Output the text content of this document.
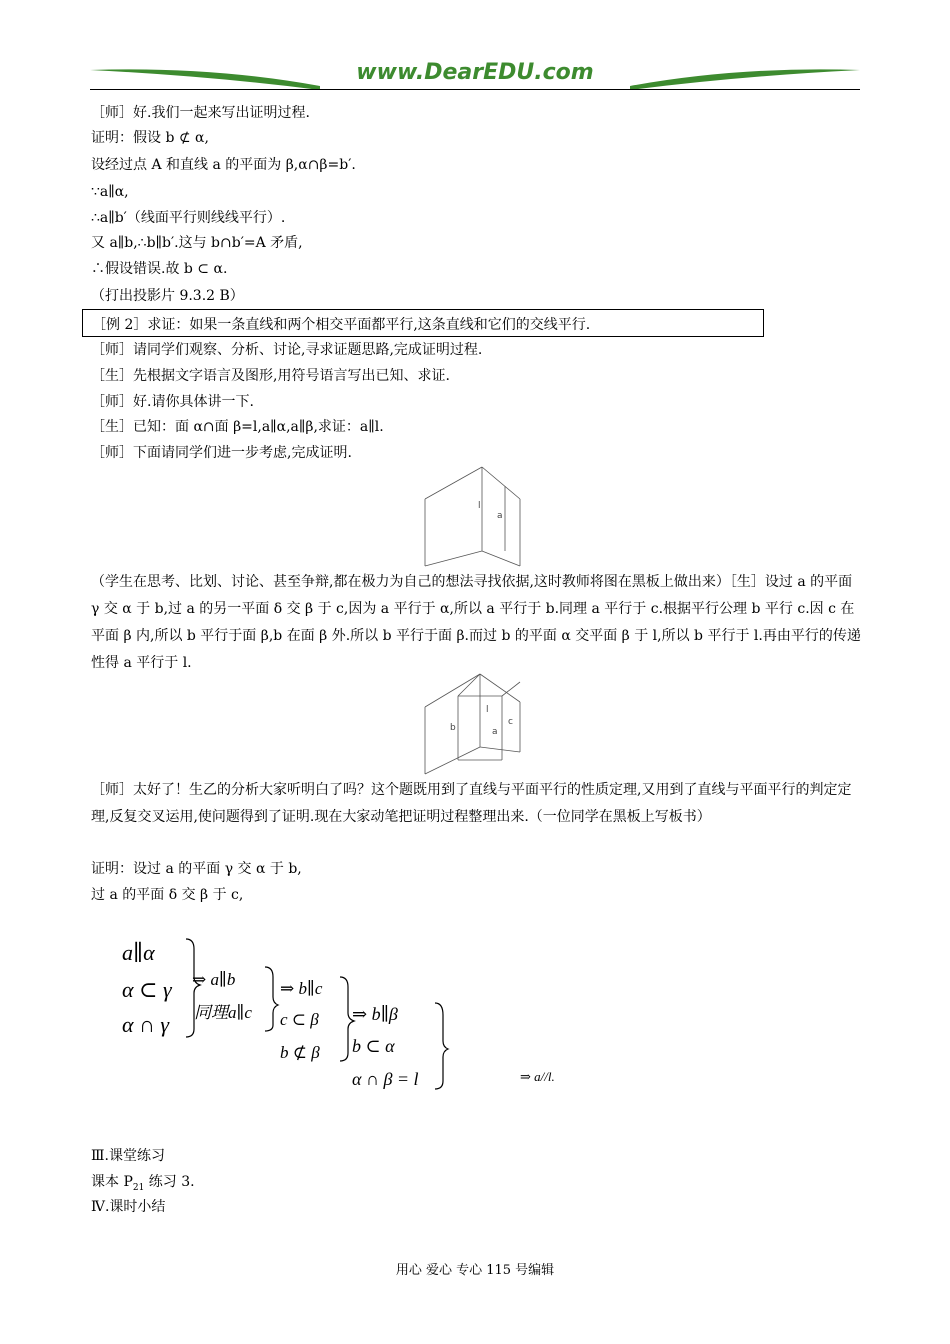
www.DearEDU.com
［师］好.我们一起来写出证明过程.
证明：假设 b ⊄ α,
设经过点 A 和直线 a 的平面为 β,α∩β=b′.
∵a∥α,
∴a∥b′（线面平行则线线平行）.
又 a∥b,∴b∥b′.这与 b∩b′=A 矛盾,
∴假设错误.故 b ⊂ α.
（打出投影片 9.3.2 B）
［例 2］求证：如果一条直线和两个相交平面都平行,这条直线和它们的交线平行.
［师］请同学们观察、分析、讨论,寻求证题思路,完成证明过程.
［生］先根据文字语言及图形,用符号语言写出已知、求证.
［师］好.请你具体讲一下.
［生］已知：面 α∩面 β=l,a∥α,a∥β,求证：a∥l.
［师］下面请同学们进一步考虑,完成证明.
l
a
（学生在思考、比划、讨论、甚至争辩,都在极力为自己的想法寻找依据,这时教师将图在黑板上做出来）［生］设过 a 的平面 γ 交 α 于 b,过 a 的另一平面 δ 交 β 于 c,因为 a 平行于 α,所以 a 平行于 b.同理 a 平行于 c.根据平行公理 b 平行 c.因 c 在平面 β 内,所以 b 平行于面 β,b 在面 β 外.所以 b 平行于面 β.而过 b 的平面 α 交平面 β 于 l,所以 b 平行于 l.再由平行的传递性得 a 平行于 l.
l
b
c
a
［师］太好了！生乙的分析大家听明白了吗？这个题既用到了直线与平面平行的性质定理,又用到了直线与平面平行的判定定理,反复交叉运用,使问题得到了证明.现在大家动笔把证明过程整理出来.（一位同学在黑板上写板书）
证明：设过 a 的平面 γ 交 α 于 b,
过 a 的平面 δ 交 β 于 c,
a∥α
α ⊂ γ
α ∩ γ
⇒ a∥b
同理a∥c
⇒ b∥c
c ⊂ β
b ⊄ β
⇒ b∥β
b ⊂ α
α ∩ β = l	⇒ a//l.
Ⅲ.课堂练习
课本 $P_{21}$ 练习 3.
Ⅳ.课时小结
用心 爱心 专心 115 号编辑
